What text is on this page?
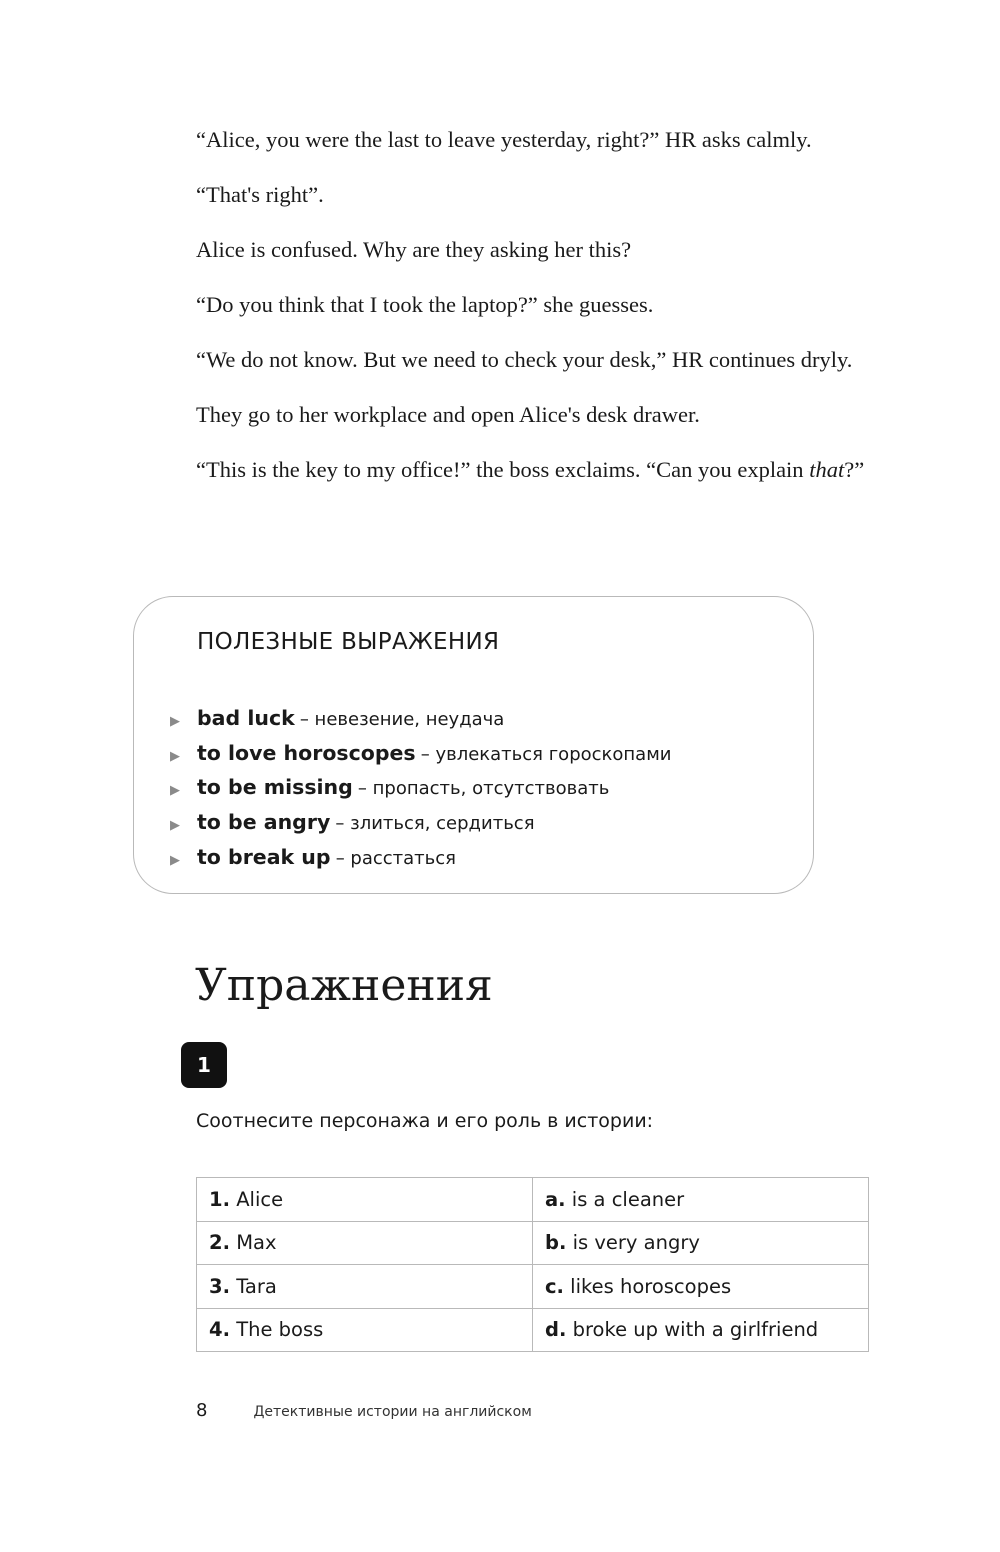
“Alice, you were the last to leave yesterday, right?” HR asks calmly.

“That's right”.

Alice is confused. Why are they asking her this?

“Do you think that I took the laptop?” she guesses.

“We do not know. But we need to check your desk,” HR continues dryly.

They go to her workplace and open Alice's desk drawer.

“This is the key to my office!” the boss exclaims. “Can you explain that?”

ПОЛЕЗНЫЕ ВЫРАЖЕНИЯ
▶ bad luck – невезение, неудача
▶ to love horoscopes – увлекаться гороскопами
▶ to be missing – пропасть, отсутствовать
▶ to be angry – злиться, сердиться
▶ to break up – расстаться
Упражнения
1

Соотнесите персонажа и его роль в истории:

1. Alice	a. is a cleaner
2. Max	b. is very angry
3. Tara	c. likes horoscopes
4. The boss	d. broke up with a girlfriend
8	Детективные истории на английском
